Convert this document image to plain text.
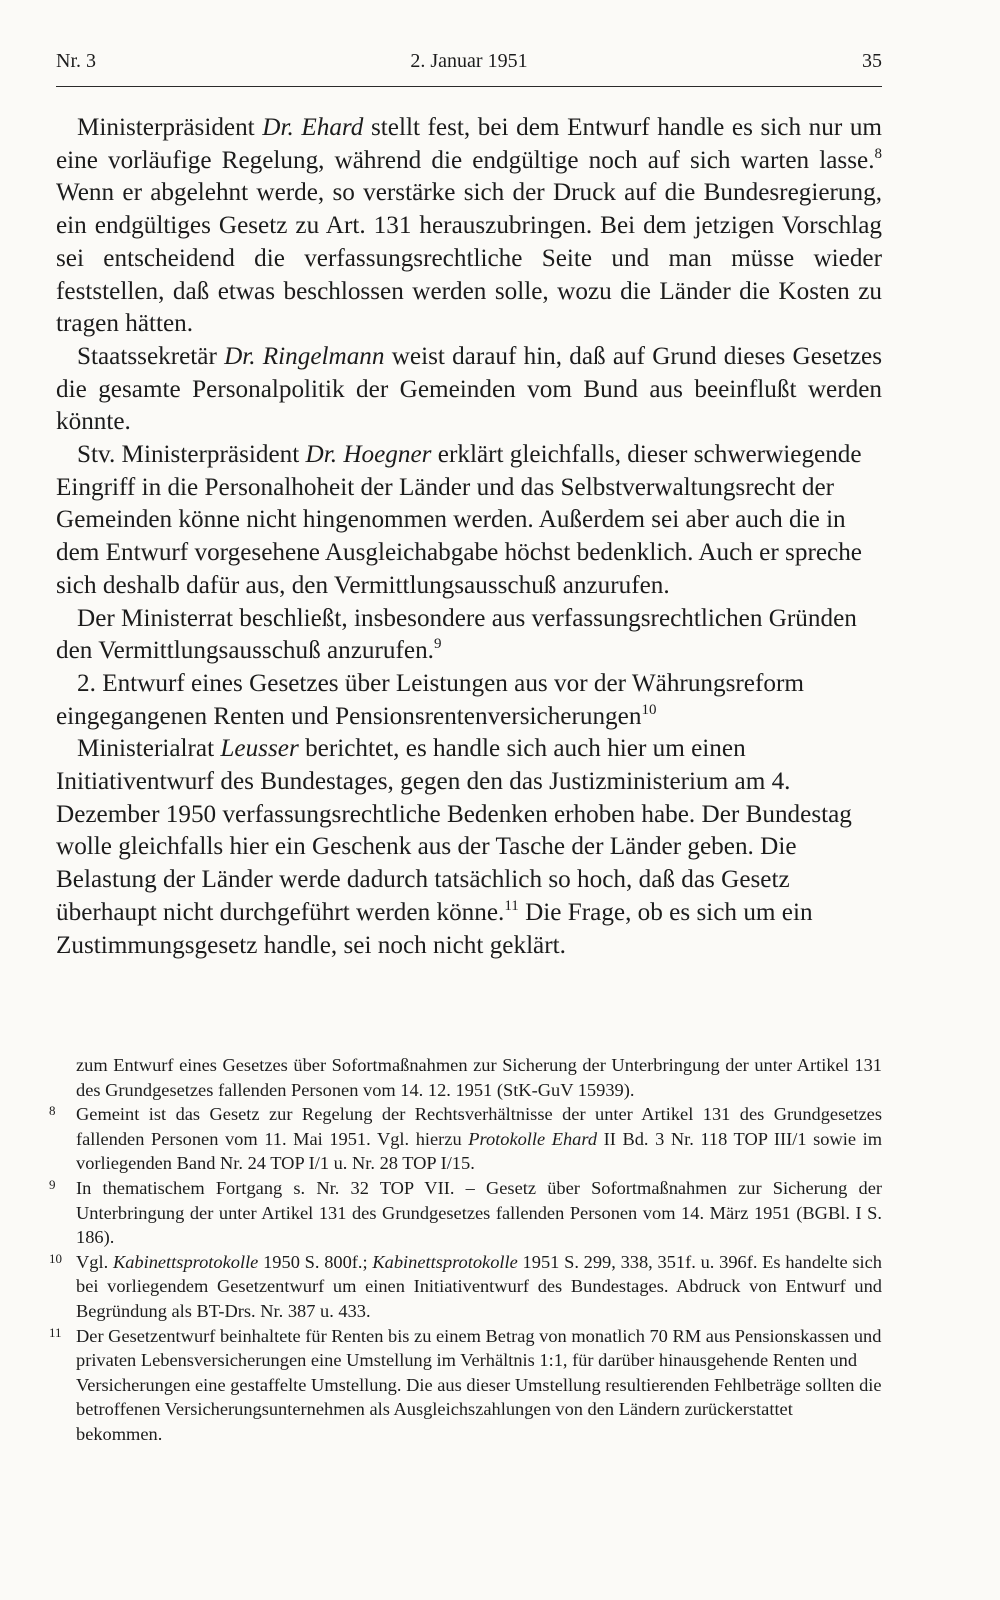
Nr. 3	2. Januar 1951	35

Ministerpräsident Dr. Ehard stellt fest, bei dem Entwurf handle es sich nur um eine vorläufige Regelung, während die endgültige noch auf sich warten lasse.$^8$ Wenn er abgelehnt werde, so verstärke sich der Druck auf die Bundesregierung, ein endgültiges Gesetz zu Art. 131 herauszubringen. Bei dem jetzigen Vorschlag sei entscheidend die verfassungsrechtliche Seite und man müsse wieder feststellen, daß etwas beschlossen werden solle, wozu die Länder die Kosten zu tragen hätten.

Staatssekretär Dr. Ringelmann weist darauf hin, daß auf Grund dieses Gesetzes die gesamte Personalpolitik der Gemeinden vom Bund aus beeinflußt werden könnte.

Stv. Ministerpräsident Dr. Hoegner erklärt gleichfalls, dieser schwerwiegende Eingriff in die Personalhoheit der Länder und das Selbstverwaltungsrecht der Gemeinden könne nicht hingenommen werden. Außerdem sei aber auch die in dem Entwurf vorgesehene Ausgleichabgabe höchst bedenklich. Auch er spreche sich deshalb dafür aus, den Vermittlungsausschuß anzurufen.

Der Ministerrat beschließt, insbesondere aus verfassungsrechtlichen Gründen den Vermittlungsausschuß anzurufen.$^9$

2. Entwurf eines Gesetzes über Leistungen aus vor der Währungsreform eingegangenen Renten und Pensionsrentenversicherungen$^{10}$

Ministerialrat Leusser berichtet, es handle sich auch hier um einen Initiativentwurf des Bundestages, gegen den das Justizministerium am 4. Dezember 1950 verfassungsrechtliche Bedenken erhoben habe. Der Bundestag wolle gleichfalls hier ein Geschenk aus der Tasche der Länder geben. Die Belastung der Länder werde dadurch tatsächlich so hoch, daß das Gesetz überhaupt nicht durchgeführt werden könne.$^{11}$ Die Frage, ob es sich um ein Zustimmungsgesetz handle, sei noch nicht geklärt.

zum Entwurf eines Gesetzes über Sofortmaßnahmen zur Sicherung der Unterbringung der unter Artikel 131 des Grundgesetzes fallenden Personen vom 14. 12. 1951 (StK-GuV 15939).

8 Gemeint ist das Gesetz zur Regelung der Rechtsverhältnisse der unter Artikel 131 des Grundgesetzes fallenden Personen vom 11. Mai 1951. Vgl. hierzu Protokolle Ehard II Bd. 3 Nr. 118 TOP III/1 sowie im vorliegenden Band Nr. 24 TOP I/1 u. Nr. 28 TOP I/15.

9 In thematischem Fortgang s. Nr. 32 TOP VII. – Gesetz über Sofortmaßnahmen zur Sicherung der Unterbringung der unter Artikel 131 des Grundgesetzes fallenden Personen vom 14. März 1951 (BGBl. I S. 186).

10 Vgl. Kabinettsprotokolle 1950 S. 800f.; Kabinettsprotokolle 1951 S. 299, 338, 351f. u. 396f. Es handelte sich bei vorliegendem Gesetzentwurf um einen Initiativentwurf des Bundestages. Abdruck von Entwurf und Begründung als BT-Drs. Nr. 387 u. 433.

11 Der Gesetzentwurf beinhaltete für Renten bis zu einem Betrag von monatlich 70 RM aus Pensionskassen und privaten Lebensversicherungen eine Umstellung im Verhältnis 1:1, für darüber hinausgehende Renten und Versicherungen eine gestaffelte Umstellung. Die aus dieser Umstellung resultierenden Fehlbeträge sollten die betroffenen Versicherungsunternehmen als Ausgleichszahlungen von den Ländern zurückerstattet bekommen.
